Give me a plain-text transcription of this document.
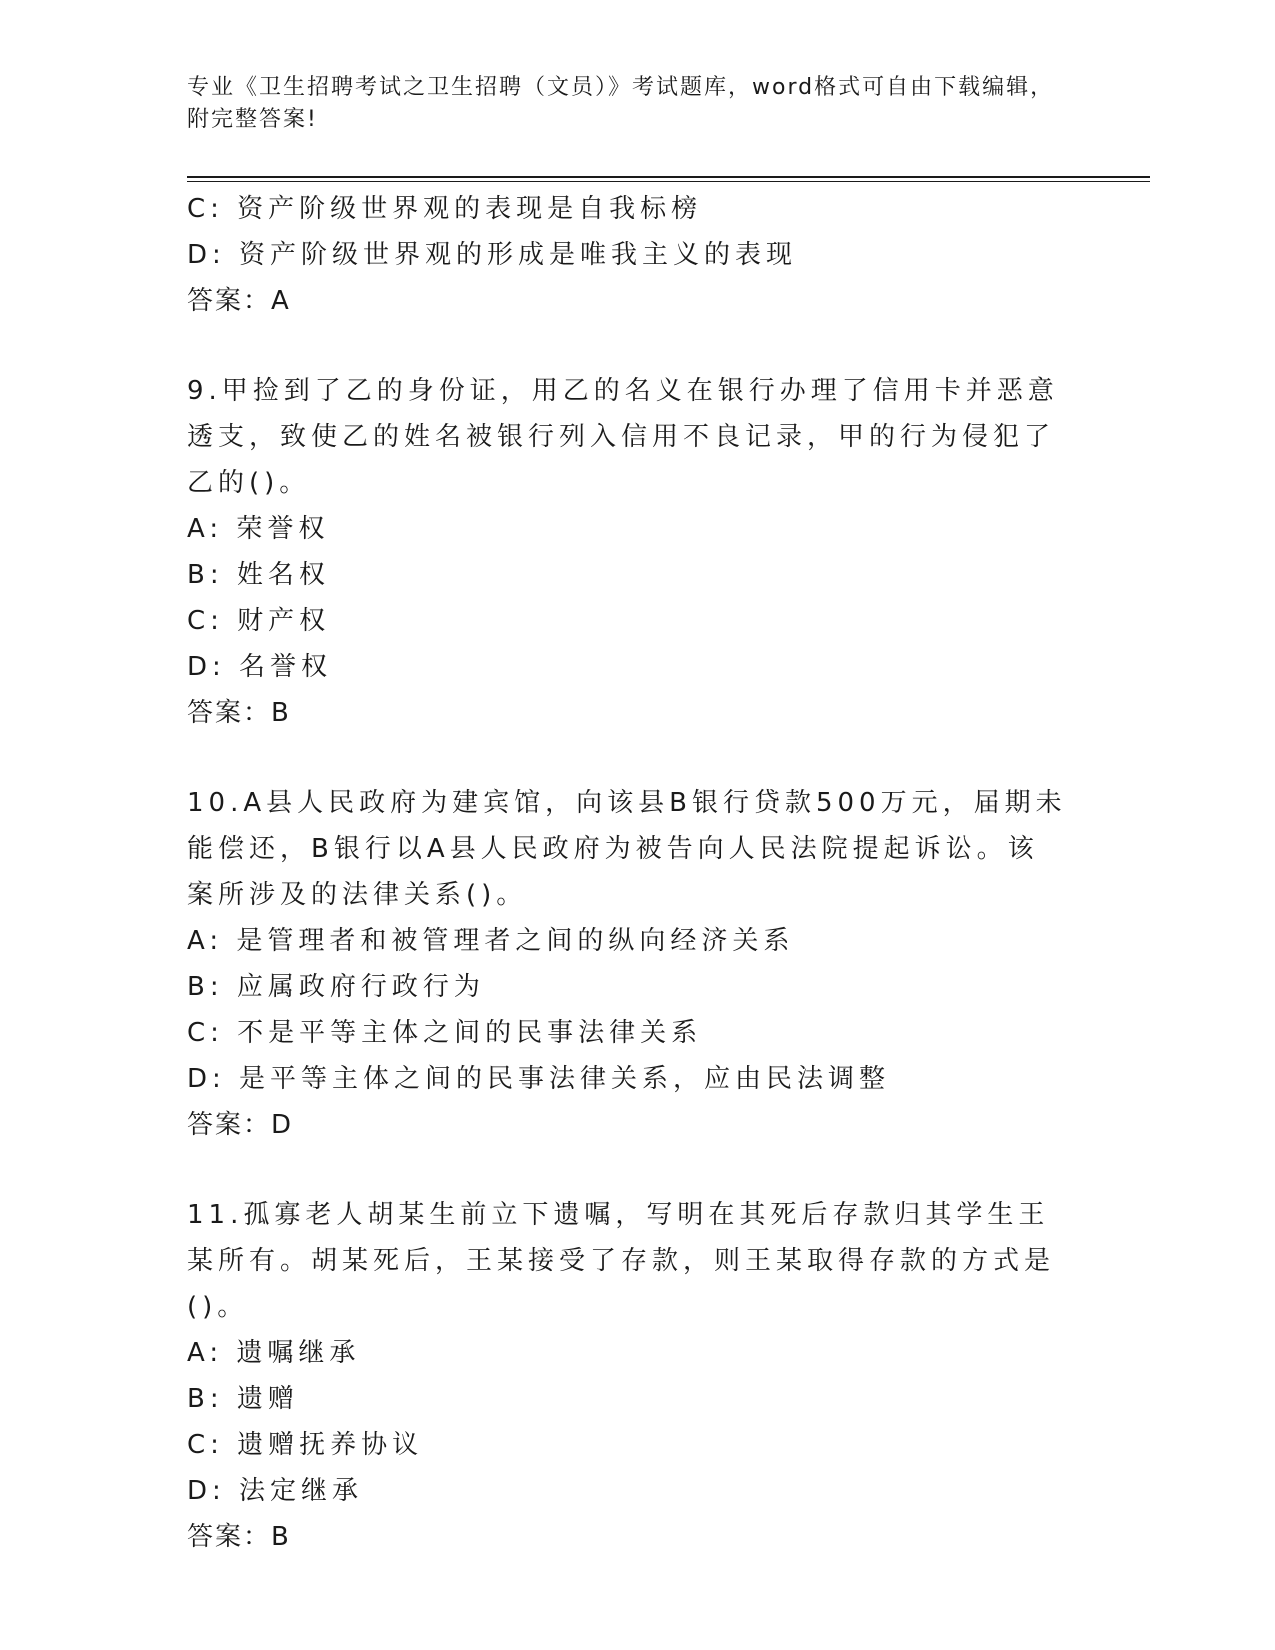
专业《卫生招聘考试之卫生招聘（文员）》考试题库，word格式可自由下载编辑，附完整答案!
C: 资产阶级世界观的表现是自我标榜
D: 资产阶级世界观的形成是唯我主义的表现
答案：A
9.甲捡到了乙的身份证，用乙的名义在银行办理了信用卡并恶意透支，致使乙的姓名被银行列入信用不良记录，甲的行为侵犯了乙的()。
A: 荣誉权
B: 姓名权
C: 财产权
D: 名誉权
答案：B
10.A县人民政府为建宾馆，向该县B银行贷款500万元，届期未能偿还，B银行以A县人民政府为被告向人民法院提起诉讼。该案所涉及的法律关系()。
A: 是管理者和被管理者之间的纵向经济关系
B: 应属政府行政行为
C: 不是平等主体之间的民事法律关系
D: 是平等主体之间的民事法律关系，应由民法调整
答案：D
11.孤寡老人胡某生前立下遗嘱，写明在其死后存款归其学生王某所有。胡某死后，王某接受了存款，则王某取得存款的方式是()。
A: 遗嘱继承
B: 遗赠
C: 遗赠抚养协议
D: 法定继承
答案：B
